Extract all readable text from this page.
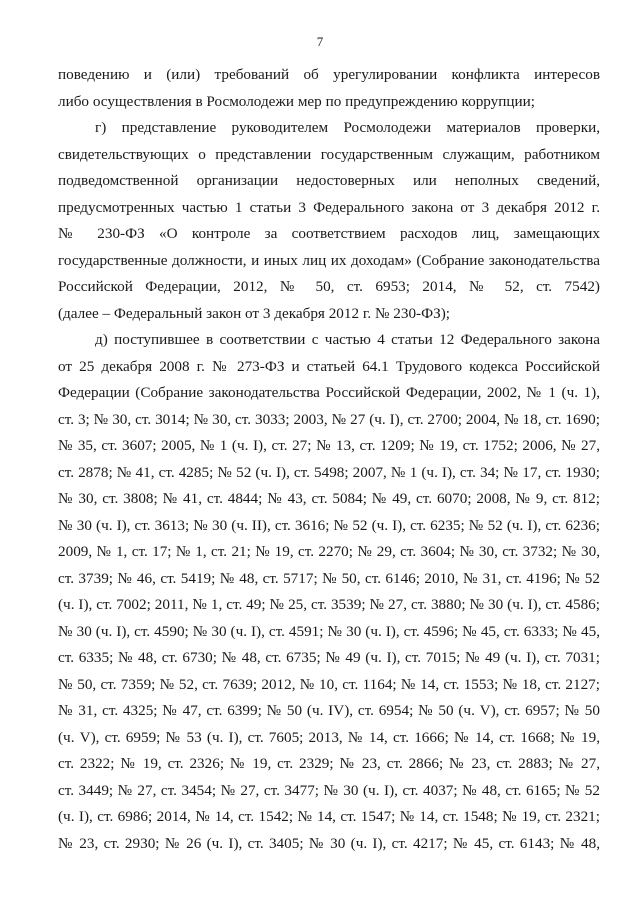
7

поведению и (или) требований об урегулировании конфликта интересов

либо осуществления в Росмолодежи мер по предупреждению коррупции;

г) представление руководителем Росмолодежи материалов проверки,

свидетельствующих о представлении государственным служащим, работником

подведомственной организации недостоверных или неполных сведений,

предусмотренных частью 1 статьи 3 Федерального закона от 3 декабря 2012 г.

№ 230-ФЗ «О контроле за соответствием расходов лиц, замещающих

государственные должности, и иных лиц их доходам» (Собрание законодательства

Российской Федерации, 2012, № 50, ст. 6953; 2014, № 52, ст. 7542)

(далее – Федеральный закон от 3 декабря 2012 г. № 230-ФЗ);

д) поступившее в соответствии с частью 4 статьи 12 Федерального закона

от 25 декабря 2008 г. № 273-ФЗ и статьей 64.1 Трудового кодекса Российской

Федерации (Собрание законодательства Российской Федерации, 2002, № 1 (ч. 1),

ст. 3; № 30, ст. 3014; № 30, ст. 3033; 2003, № 27 (ч. I), ст. 2700; 2004, № 18, ст. 1690;

№ 35, ст. 3607; 2005, № 1 (ч. I), ст. 27; № 13, ст. 1209; № 19, ст. 1752; 2006, № 27,

ст. 2878; № 41, ст. 4285; № 52 (ч. I), ст. 5498; 2007, № 1 (ч. I), ст. 34; № 17, ст. 1930;

№ 30, ст. 3808; № 41, ст. 4844; № 43, ст. 5084; № 49, ст. 6070; 2008, № 9, ст. 812;

№ 30 (ч. I), ст. 3613; № 30 (ч. II), ст. 3616; № 52 (ч. I), ст. 6235; № 52 (ч. I), ст. 6236;

2009, № 1, ст. 17; № 1, ст. 21; № 19, ст. 2270; № 29, ст. 3604; № 30, ст. 3732; № 30,

ст. 3739; № 46, ст. 5419; № 48, ст. 5717; № 50, ст. 6146; 2010, № 31, ст. 4196; № 52

(ч. I), ст. 7002; 2011, № 1, ст. 49; № 25, ст. 3539; № 27, ст. 3880; № 30 (ч. I), ст. 4586;

№ 30 (ч. I), ст. 4590; № 30 (ч. I), ст. 4591; № 30 (ч. I), ст. 4596; № 45, ст. 6333; № 45,

ст. 6335; № 48, ст. 6730; № 48, ст. 6735; № 49 (ч. I), ст. 7015; № 49 (ч. I), ст. 7031;

№ 50, ст. 7359; № 52, ст. 7639; 2012, № 10, ст. 1164; № 14, ст. 1553; № 18, ст. 2127;

№ 31, ст. 4325; № 47, ст. 6399; № 50 (ч. IV), ст. 6954; № 50 (ч. V), ст. 6957; № 50

(ч. V), ст. 6959; № 53 (ч. I), ст. 7605; 2013, № 14, ст. 1666; № 14, ст. 1668; № 19,

ст. 2322; № 19, ст. 2326; № 19, ст. 2329; № 23, ст. 2866; № 23, ст. 2883; № 27,

ст. 3449; № 27, ст. 3454; № 27, ст. 3477; № 30 (ч. I), ст. 4037; № 48, ст. 6165; № 52

(ч. I), ст. 6986; 2014, № 14, ст. 1542; № 14, ст. 1547; № 14, ст. 1548; № 19, ст. 2321;

№ 23, ст. 2930; № 26 (ч. I), ст. 3405; № 30 (ч. I), ст. 4217; № 45, ст. 6143; № 48,
